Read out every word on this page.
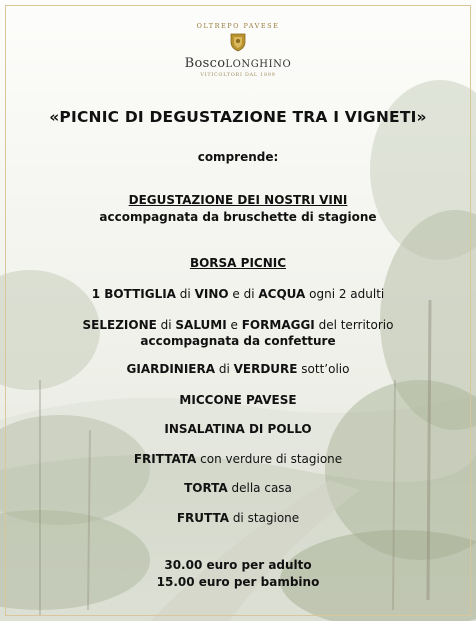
OLTREPO PAVESE
BoscoLONGHINO
VITICOLTORI DAL 1899
«PICNIC DI DEGUSTAZIONE TRA I VIGNETI»
comprende:
DEGUSTAZIONE DEI NOSTRI VINI
accompagnata da bruschette di stagione
BORSA PICNIC
1 BOTTIGLIA di VINO e di ACQUA ogni 2 adulti
SELEZIONE di SALUMI e FORMAGGI del territorio
accompagnata da confetture
GIARDINIERA di VERDURE sott’olio
MICCONE PAVESE
INSALATINA DI POLLO
FRITTATA con verdure di stagione
TORTA della casa
FRUTTA di stagione
30.00 euro per adulto
15.00 euro per bambino
